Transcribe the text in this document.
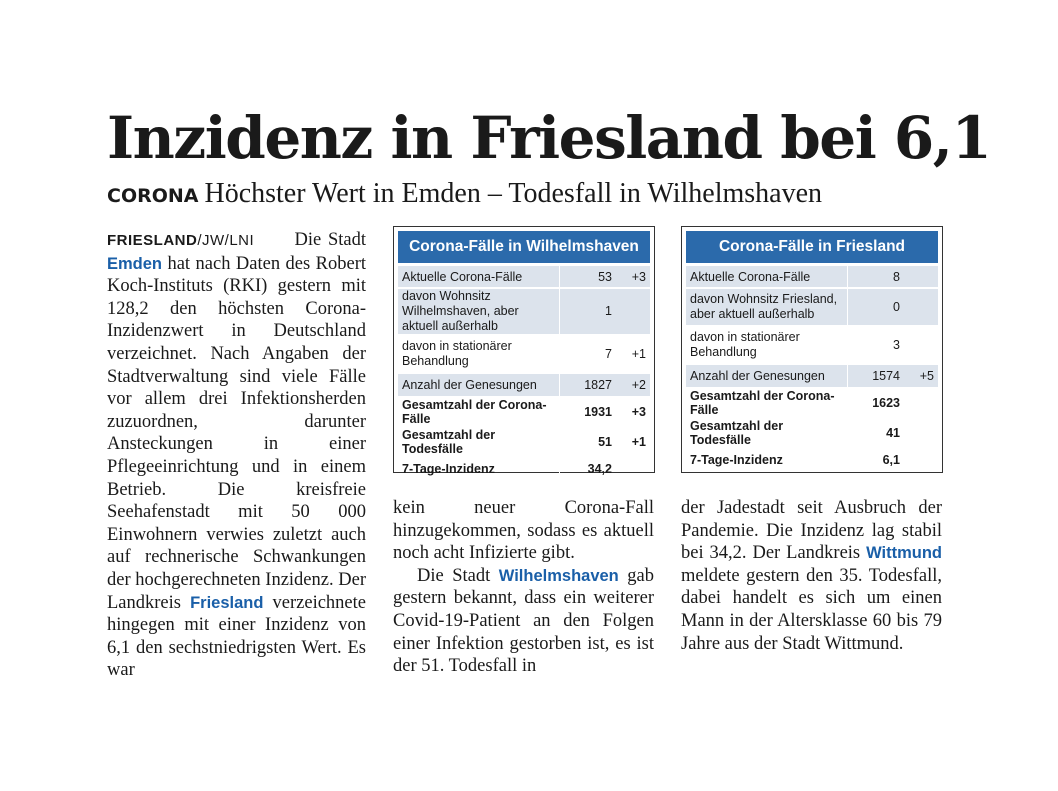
Inzidenz in Friesland bei 6,1
CORONA Höchster Wert in Emden – Todesfall in Wilhelmshaven

FRIESLAND/JW/LNI Die Stadt Emden hat nach Daten des Robert Koch-Instituts (RKI) gestern mit 128,2 den höchsten Corona-Inzidenzwert in Deutschland verzeichnet. Nach Angaben der Stadtverwaltung sind viele Fälle vor allem drei Infektionsherden zuzuordnen, darunter Ansteckungen in einer Pflegeeinrichtung und in einem Betrieb. Die kreisfreie Seehafenstadt mit 50 000 Einwohnern verwies zuletzt auch auf rechnerische Schwankungen der hochgerechneten Inzidenz. Der Landkreis Friesland verzeichnete hingegen mit einer Inzidenz von 6,1 den sechstniedrigsten Wert. Es war

Corona-Fälle in Wilhelmshaven
Aktuelle Corona-Fälle	53	+3
davon Wohnsitz Wilhelmshaven, aber aktuell außerhalb	1	
davon in stationärer Behandlung	7	+1
Anzahl der Genesungen	1827	+2
Gesamtzahl der Corona-Fälle	1931	+3
Gesamtzahl der Todesfälle	51	+1
7-Tage-Inzidenz	34,2	
Corona-Fälle in Friesland
Aktuelle Corona-Fälle	8	
davon Wohnsitz Friesland, aber aktuell außerhalb	0	
davon in stationärer Behandlung	3	
Anzahl der Genesungen	1574	+5
Gesamtzahl der Corona-Fälle	1623	
Gesamtzahl der Todesfälle	41	
7-Tage-Inzidenz	6,1	

kein neuer Corona-Fall hinzugekommen, sodass es aktuell noch acht Infizierte gibt.

Die Stadt Wilhelmshaven gab gestern bekannt, dass ein weiterer Covid-19-Patient an den Folgen einer Infektion gestorben ist, es ist der 51. Todesfall in

der Jadestadt seit Ausbruch der Pandemie. Die Inzidenz lag stabil bei 34,2. Der Landkreis Wittmund meldete gestern den 35. Todesfall, dabei handelt es sich um einen Mann in der Altersklasse 60 bis 79 Jahre aus der Stadt Wittmund.
